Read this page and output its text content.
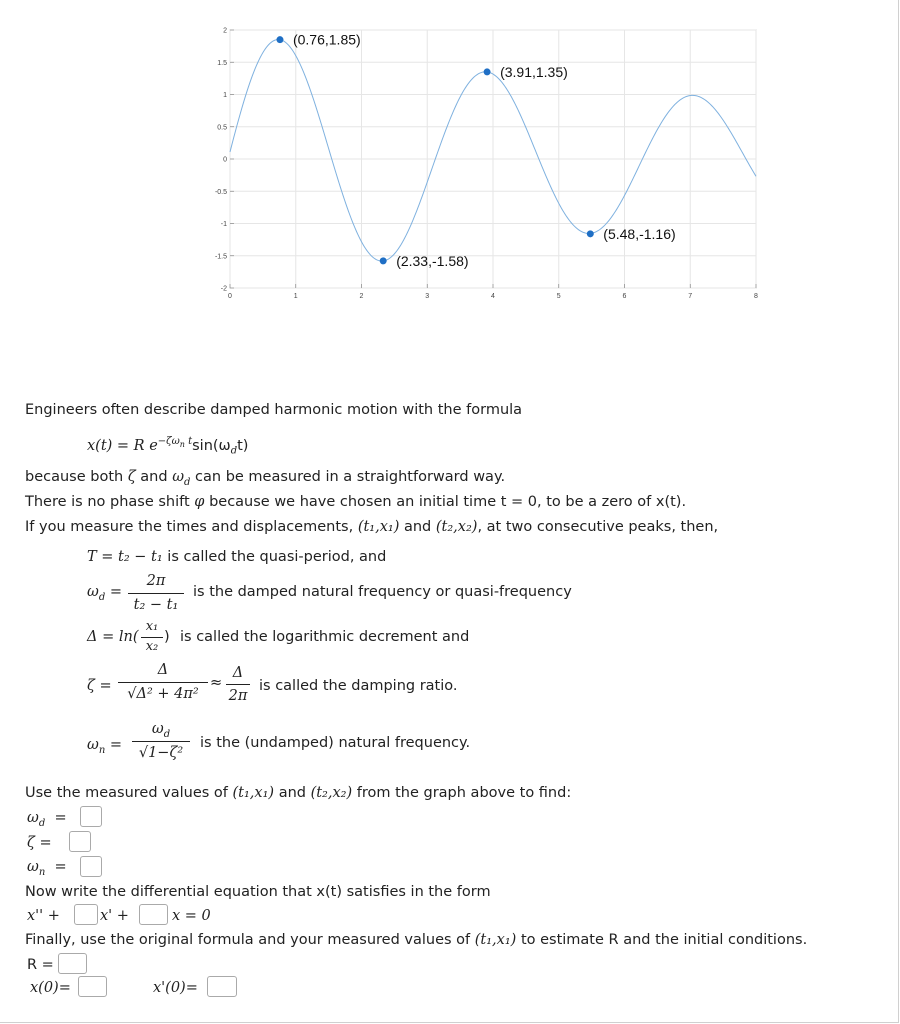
0	1	2	3	4	5	6	7	8
2
1.5
1
0.5
0
-0.5
-1
-1.5
-2
(0.76,1.85)
(3.91,1.35)
(2.33,-1.58)
(5.48,-1.16)
Engineers often describe damped harmonic motion with the formula
x(t) = R $e^{-\zeta\omega_n t}\sin(\omega_dt)$
because both ζ and $\omega_d$ can be measured in a straightforward way.
There is no phase shift φ because we have chosen an initial time t = 0, to be a zero of x(t).
If you measure the times and displacements, (t₁,x₁) and (t₂,x₂), at two consecutive peaks, then,
T = t₂ − t₁ is called the quasi-period, and
$\omega_d$ =
2π
t₂ − t₁
is the damped natural frequency or quasi-frequency
Δ = ln(
x₁
x₂
) is called the logarithmic decrement and
ζ =
Δ
√Δ² + 4π²
≈
Δ
2π
is called the damping ratio.
$\omega_n$ =
$\omega_d$
√1−ζ²
is the (undamped) natural frequency.
Use the measured values of (t₁,x₁) and (t₂,x₂) from the graph above to find:
$\omega_d$ =
ζ =
$\omega_n$ =
Now write the differential equation that x(t) satisfies in the form
x'' +	x' +	x = 0
Finally, use the original formula and your measured values of (t₁,x₁) to estimate R and the initial conditions.
R =
x(0)=	x'(0)=
